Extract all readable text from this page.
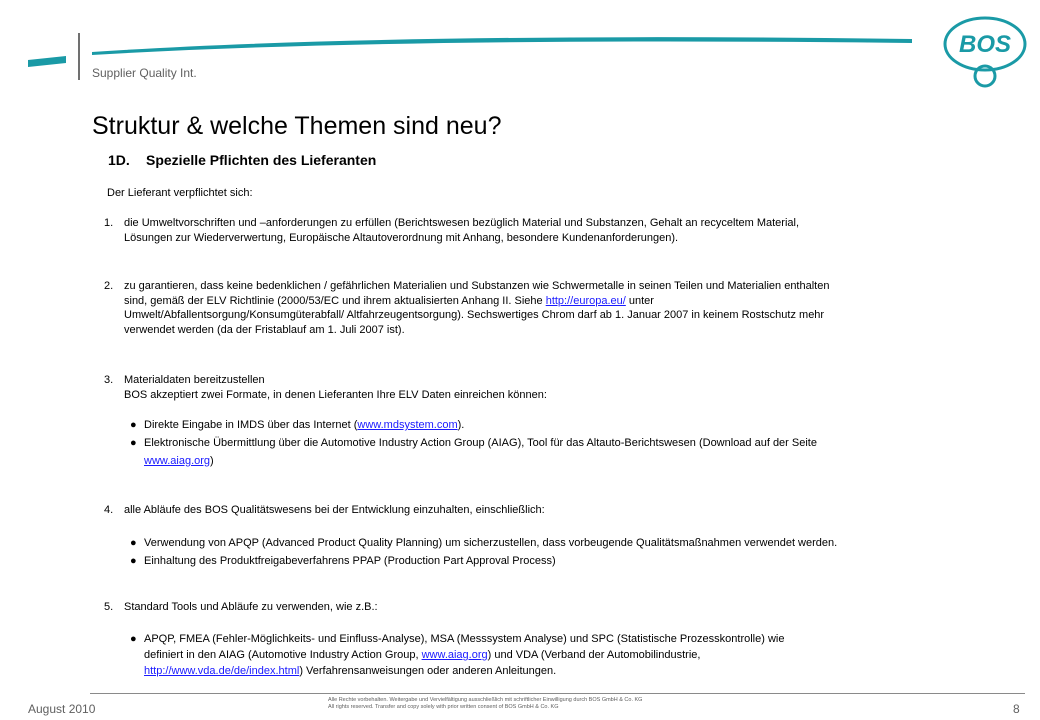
Supplier Quality Int.
BOS
Struktur & welche Themen sind neu?
1D. Spezielle Pflichten des Lieferanten
Der Lieferant verpflichtet sich:
1. die Umweltvorschriften und –anforderungen zu erfüllen (Berichtswesen bezüglich Material und Substanzen, Gehalt an recyceltem Material,
Lösungen zur Wiederverwertung, Europäische Altautoverordnung mit Anhang, besondere Kundenanforderungen).
2. zu garantieren, dass keine bedenklichen / gefährlichen Materialien und Substanzen wie Schwermetalle in seinen Teilen und Materialien enthalten
sind, gemäß der ELV Richtlinie (2000/53/EC und ihrem aktualisierten Anhang II. Siehe http://europa.eu/ unter
Umwelt/Abfallentsorgung/Konsumgüterabfall/ Altfahrzeugentsorgung). Sechswertiges Chrom darf ab 1. Januar 2007 in keinem Rostschutz mehr
verwendet werden (da der Fristablauf am 1. Juli 2007 ist).
3. Materialdaten bereitzustellen
BOS akzeptiert zwei Formate, in denen Lieferanten Ihre ELV Daten einreichen können:
● Direkte Eingabe in IMDS über das Internet (www.mdsystem.com).
● Elektronische Übermittlung über die Automotive Industry Action Group (AIAG), Tool für das Altauto-Berichtswesen (Download auf der Seite
www.aiag.org)
4. alle Abläufe des BOS Qualitätswesens bei der Entwicklung einzuhalten, einschließlich:
● Verwendung von APQP (Advanced Product Quality Planning) um sicherzustellen, dass vorbeugende Qualitätsmaßnahmen verwendet werden.
● Einhaltung des Produktfreigabeverfahrens PPAP (Production Part Approval Process)
5. Standard Tools und Abläufe zu verwenden, wie z.B.:
● APQP, FMEA (Fehler-Möglichkeits- und Einfluss-Analyse), MSA (Messsystem Analyse) und SPC (Statistische Prozesskontrolle) wie
definiert in den AIAG (Automotive Industry Action Group, www.aiag.org) und VDA (Verband der Automobilindustrie,
http://www.vda.de/de/index.html) Verfahrensanweisungen oder anderen Anleitungen.
August 2010
Alle Rechte vorbehalten. Weitergabe und Vervielfältigung ausschließlich mit schriftlicher Einwilligung durch BOS GmbH & Co. KG
All rights reserved. Transfer and copy solely with prior written consent of BOS GmbH & Co. KG	8
